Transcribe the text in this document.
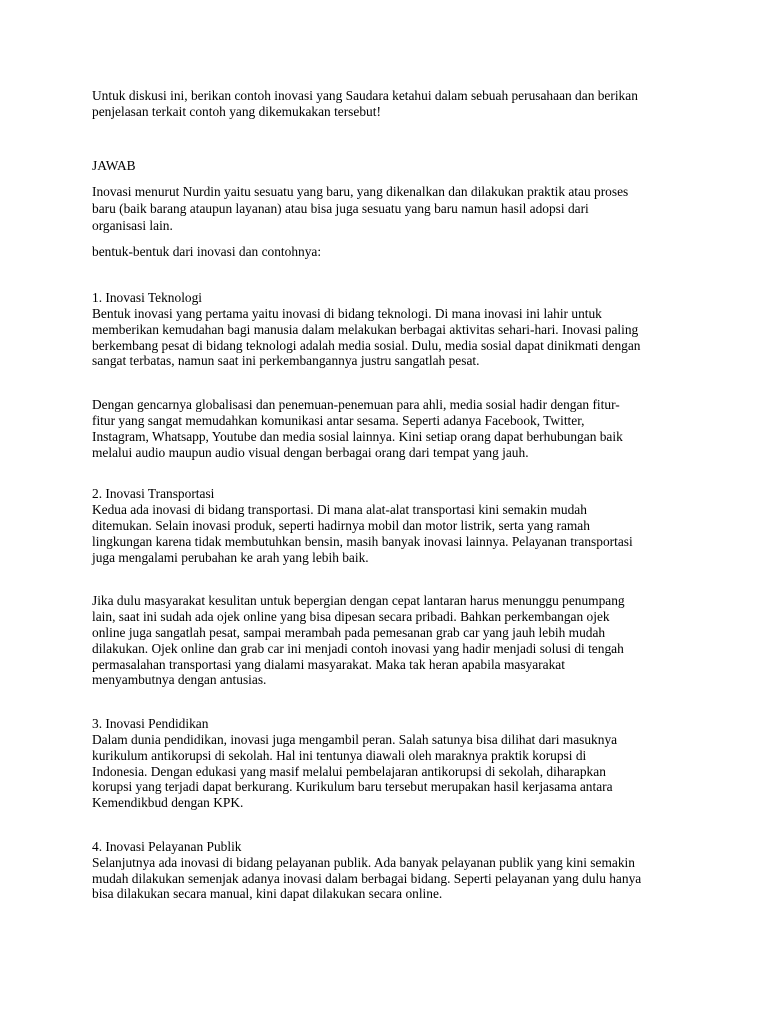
Untuk diskusi ini, berikan contoh inovasi yang Saudara ketahui dalam sebuah perusahaan dan berikan
penjelasan terkait contoh yang dikemukakan tersebut!

JAWAB

Inovasi menurut Nurdin yaitu sesuatu yang baru, yang dikenalkan dan dilakukan praktik atau proses
baru (baik barang ataupun layanan) atau bisa juga sesuatu yang baru namun hasil adopsi dari
organisasi lain.

bentuk-bentuk dari inovasi dan contohnya:

1. Inovasi Teknologi

Bentuk inovasi yang pertama yaitu inovasi di bidang teknologi. Di mana inovasi ini lahir untuk
memberikan kemudahan bagi manusia dalam melakukan berbagai aktivitas sehari-hari. Inovasi paling
berkembang pesat di bidang teknologi adalah media sosial. Dulu, media sosial dapat dinikmati dengan
sangat terbatas, namun saat ini perkembangannya justru sangatlah pesat.

Dengan gencarnya globalisasi dan penemuan-penemuan para ahli, media sosial hadir dengan fitur-
fitur yang sangat memudahkan komunikasi antar sesama. Seperti adanya Facebook, Twitter,
Instagram, Whatsapp, Youtube dan media sosial lainnya. Kini setiap orang dapat berhubungan baik
melalui audio maupun audio visual dengan berbagai orang dari tempat yang jauh.

2. Inovasi Transportasi

Kedua ada inovasi di bidang transportasi. Di mana alat-alat transportasi kini semakin mudah
ditemukan. Selain inovasi produk, seperti hadirnya mobil dan motor listrik, serta yang ramah
lingkungan karena tidak membutuhkan bensin, masih banyak inovasi lainnya. Pelayanan transportasi
juga mengalami perubahan ke arah yang lebih baik.

Jika dulu masyarakat kesulitan untuk bepergian dengan cepat lantaran harus menunggu penumpang
lain, saat ini sudah ada ojek online yang bisa dipesan secara pribadi. Bahkan perkembangan ojek
online juga sangatlah pesat, sampai merambah pada pemesanan grab car yang jauh lebih mudah
dilakukan. Ojek online dan grab car ini menjadi contoh inovasi yang hadir menjadi solusi di tengah
permasalahan transportasi yang dialami masyarakat. Maka tak heran apabila masyarakat
menyambutnya dengan antusias.

3. Inovasi Pendidikan

Dalam dunia pendidikan, inovasi juga mengambil peran. Salah satunya bisa dilihat dari masuknya
kurikulum antikorupsi di sekolah. Hal ini tentunya diawali oleh maraknya praktik korupsi di
Indonesia. Dengan edukasi yang masif melalui pembelajaran antikorupsi di sekolah, diharapkan
korupsi yang terjadi dapat berkurang. Kurikulum baru tersebut merupakan hasil kerjasama antara
Kemendikbud dengan KPK.

4. Inovasi Pelayanan Publik

Selanjutnya ada inovasi di bidang pelayanan publik. Ada banyak pelayanan publik yang kini semakin
mudah dilakukan semenjak adanya inovasi dalam berbagai bidang. Seperti pelayanan yang dulu hanya
bisa dilakukan secara manual, kini dapat dilakukan secara online.
